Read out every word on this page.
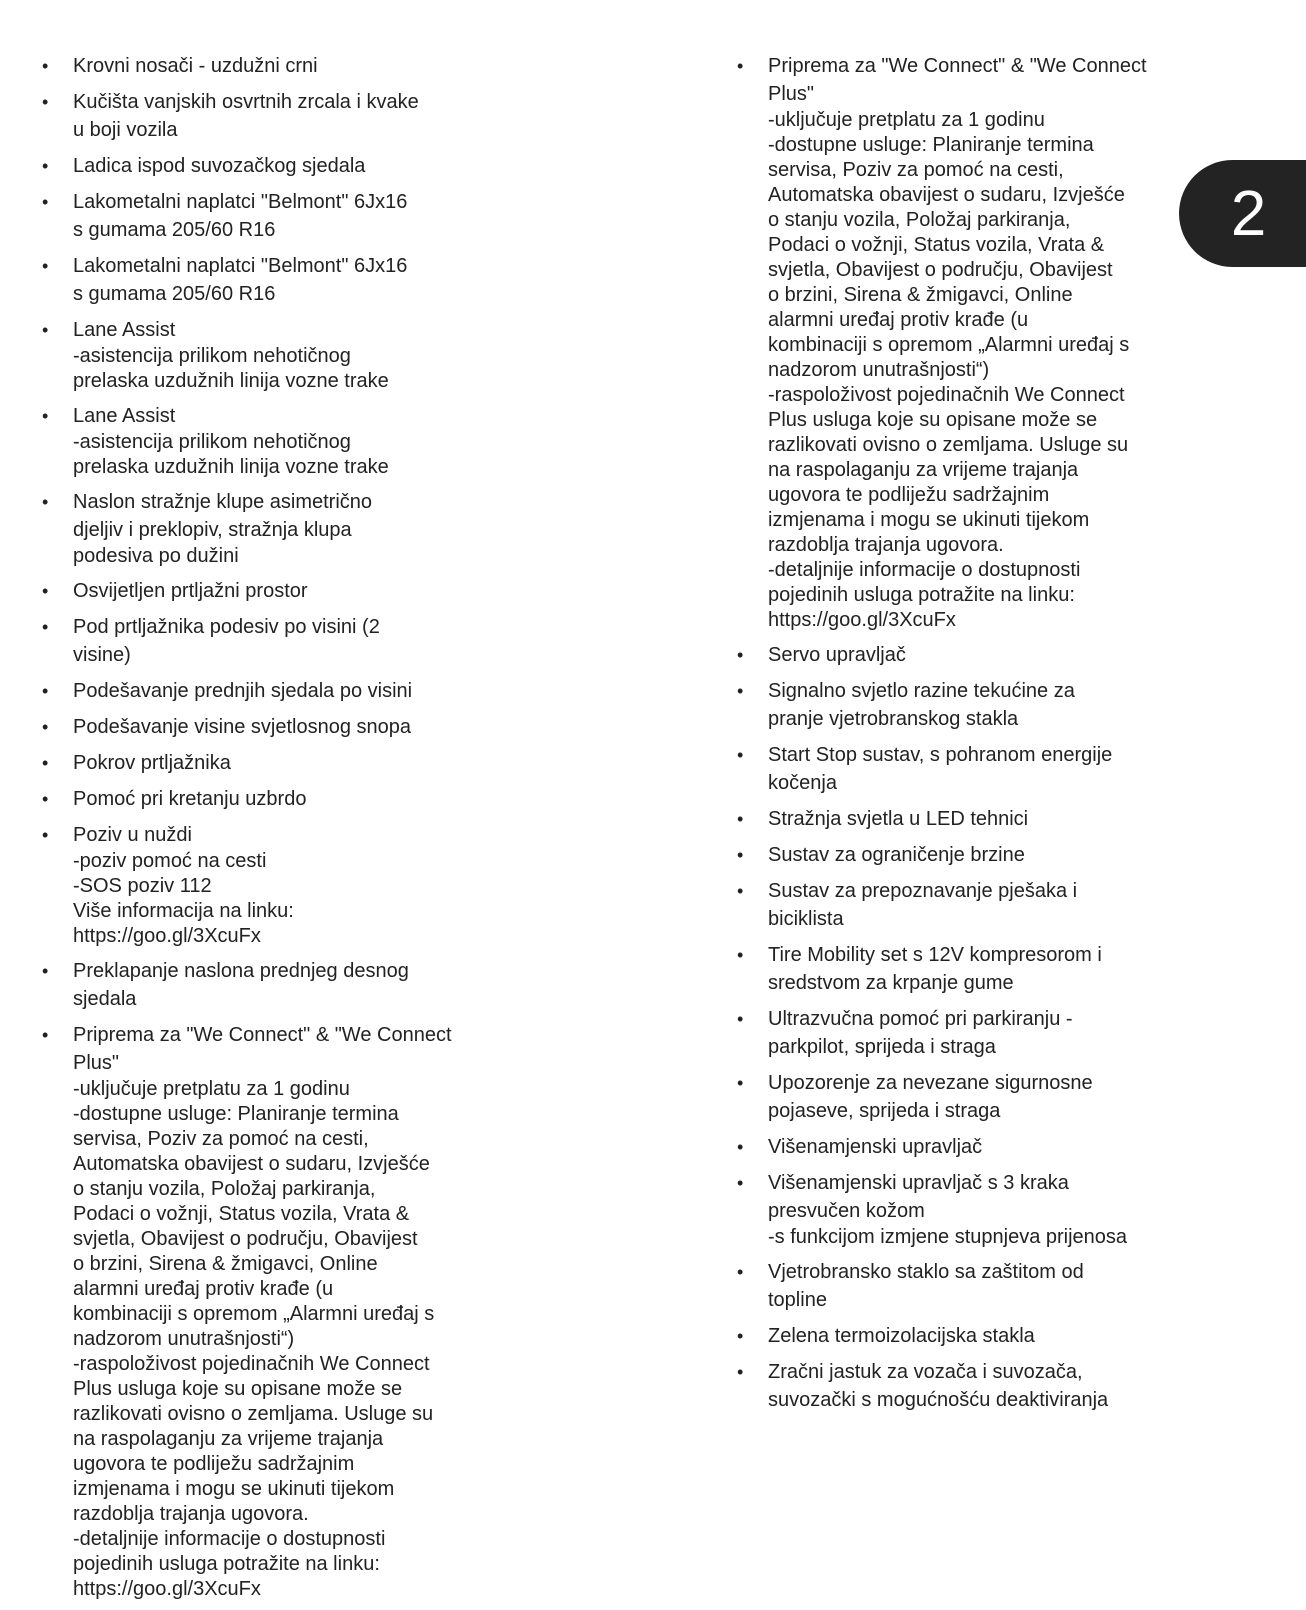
• Krovni nosači - uzdužni crni
• Kučišta vanjskih osvrtnih zrcala i kvake
u boji vozila
• Ladica ispod suvozačkog sjedala
• Lakometalni naplatci "Belmont" 6Jx16
s gumama 205/60 R16
• Lakometalni naplatci "Belmont" 6Jx16
s gumama 205/60 R16
• Lane Assist
-asistencija prilikom nehotičnog
prelaska uzdužnih linija vozne trake
• Lane Assist
-asistencija prilikom nehotičnog
prelaska uzdužnih linija vozne trake
• Naslon stražnje klupe asimetrično
djeljiv i preklopiv, stražnja klupa
podesiva po dužini
• Osvijetljen prtljažni prostor
• Pod prtljažnika podesiv po visini (2
visine)
• Podešavanje prednjih sjedala po visini
• Podešavanje visine svjetlosnog snopa
• Pokrov prtljažnika
• Pomoć pri kretanju uzbrdo
• Poziv u nuždi
-poziv pomoć na cesti
-SOS poziv 112
Više informacija na linku:
https://goo.gl/3XcuFx
• Preklapanje naslona prednjeg desnog
sjedala
• Priprema za "We Connect" & "We Connect
Plus"
-uključuje pretplatu za 1 godinu
-dostupne usluge: Planiranje termina
servisa, Poziv za pomoć na cesti,
Automatska obavijest o sudaru, Izvješće
o stanju vozila, Položaj parkiranja,
Podaci o vožnji, Status vozila, Vrata &
svjetla, Obavijest o području, Obavijest
o brzini, Sirena & žmigavci, Online
alarmni uređaj protiv krađe (u
kombinaciji s opremom „Alarmni uređaj s
nadzorom unutrašnjosti“)
-raspoloživost pojedinačnih We Connect
Plus usluga koje su opisane može se
razlikovati ovisno o zemljama. Usluge su
na raspolaganju za vrijeme trajanja
ugovora te podliježu sadržajnim
izmjenama i mogu se ukinuti tijekom
razdoblja trajanja ugovora.
-detaljnije informacije o dostupnosti
pojedinih usluga potražite na linku:
https://goo.gl/3XcuFx
• Priprema za "We Connect" & "We Connect
Plus"
-uključuje pretplatu za 1 godinu
-dostupne usluge: Planiranje termina
servisa, Poziv za pomoć na cesti,
Automatska obavijest o sudaru, Izvješće
o stanju vozila, Položaj parkiranja,
Podaci o vožnji, Status vozila, Vrata &
svjetla, Obavijest o području, Obavijest
o brzini, Sirena & žmigavci, Online
alarmni uređaj protiv krađe (u
kombinaciji s opremom „Alarmni uređaj s
nadzorom unutrašnjosti“)
-raspoloživost pojedinačnih We Connect
Plus usluga koje su opisane može se
razlikovati ovisno o zemljama. Usluge su
na raspolaganju za vrijeme trajanja
ugovora te podliježu sadržajnim
izmjenama i mogu se ukinuti tijekom
razdoblja trajanja ugovora.
-detaljnije informacije o dostupnosti
pojedinih usluga potražite na linku:
https://goo.gl/3XcuFx
• Servo upravljač
• Signalno svjetlo razine tekućine za
pranje vjetrobranskog stakla
• Start Stop sustav, s pohranom energije
kočenja
• Stražnja svjetla u LED tehnici
• Sustav za ograničenje brzine
• Sustav za prepoznavanje pješaka i
biciklista
• Tire Mobility set s 12V kompresorom i
sredstvom za krpanje gume
• Ultrazvučna pomoć pri parkiranju -
parkpilot, sprijeda i straga
• Upozorenje za nevezane sigurnosne
pojaseve, sprijeda i straga
• Višenamjenski upravljač
• Višenamjenski upravljač s 3 kraka
presvučen kožom
-s funkcijom izmjene stupnjeva prijenosa
• Vjetrobransko staklo sa zaštitom od
topline
• Zelena termoizolacijska stakla
• Zračni jastuk za vozača i suvozača,
suvozački s mogućnošću deaktiviranja
2
